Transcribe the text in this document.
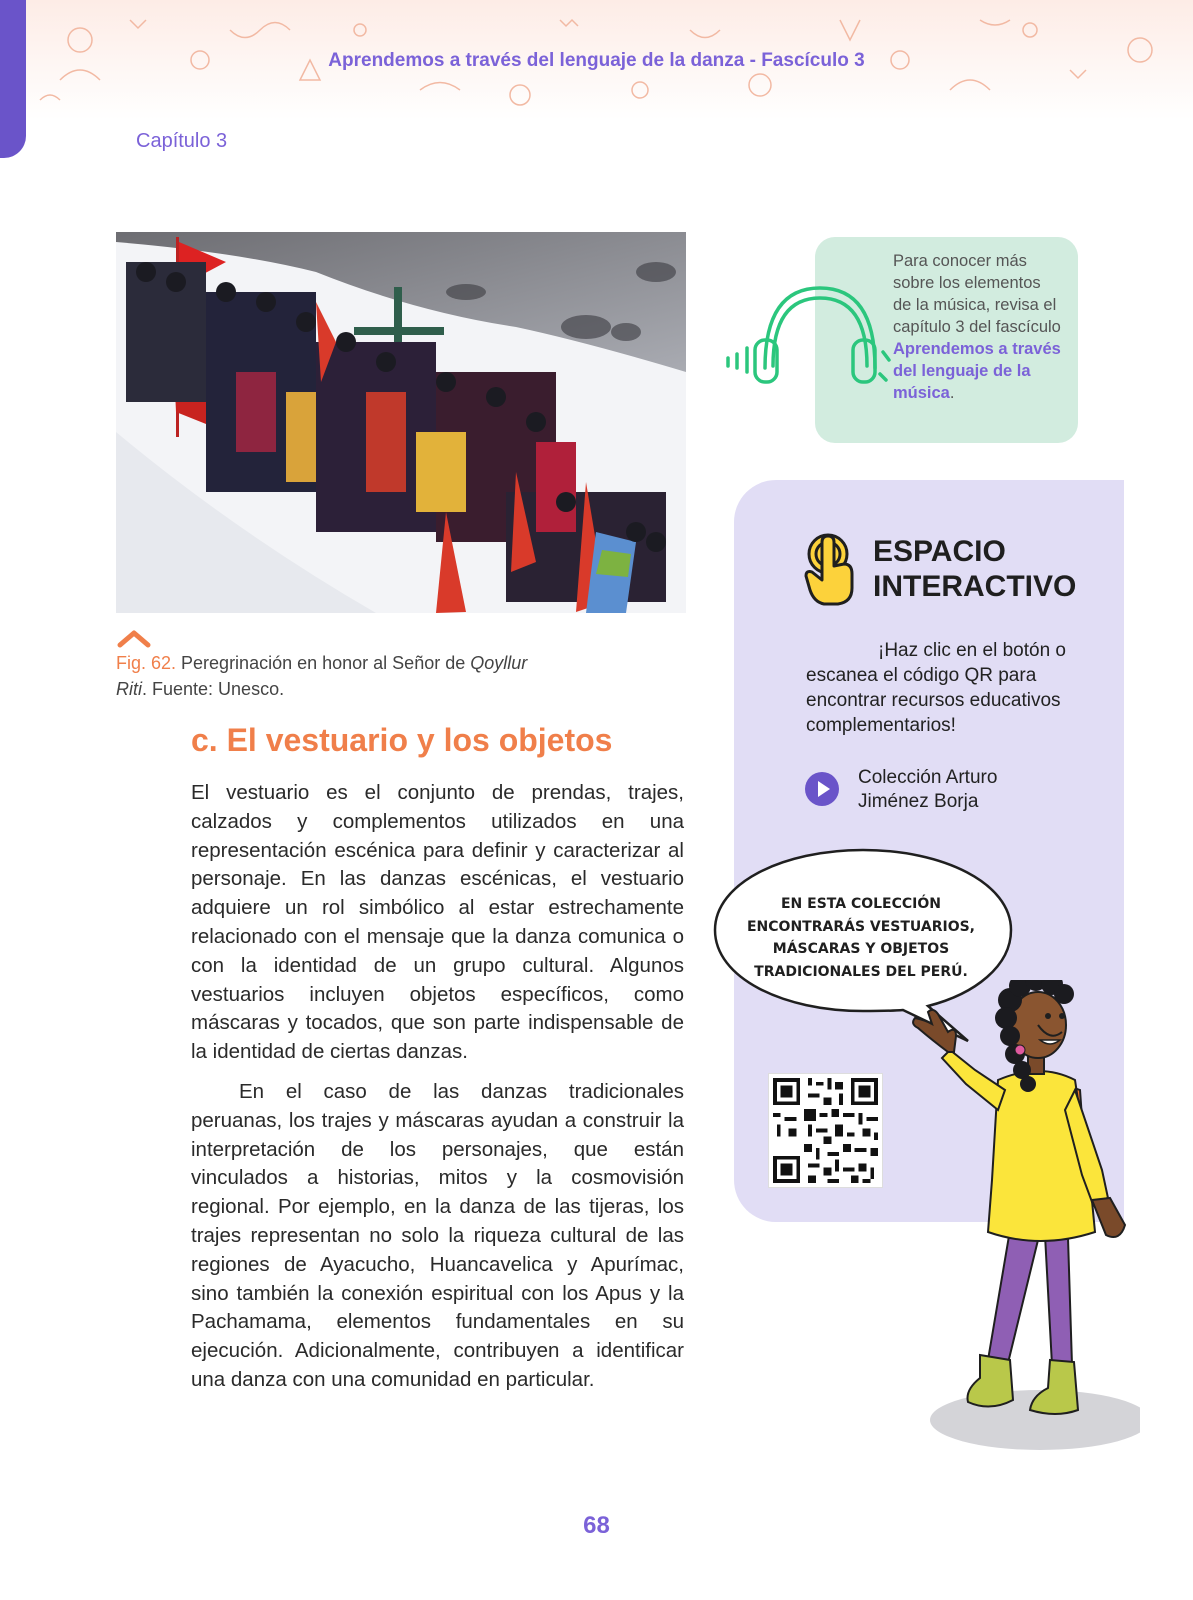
Aprendemos a través del lenguaje de la danza - Fascículo 3
Capítulo 3
Fig. 62. Peregrinación en honor al Señor de Qoyllur Riti. Fuente: Unesco.
c. El vestuario y los objetos

El vestuario es el conjunto de prendas, trajes, calzados y complementos utilizados en una representación escénica para definir y caracterizar al personaje. En las danzas escénicas, el vestuario adquiere un rol simbólico al estar estrechamente relacionado con el mensaje que la danza comunica o con la identidad de un grupo cultural. Algunos vestuarios incluyen objetos específicos, como máscaras y tocados, que son parte indispensable de la identidad de ciertas danzas.

En el caso de las danzas tradicionales peruanas, los trajes y máscaras ayudan a construir la interpretación de los personajes, que están vinculados a historias, mitos y la cosmovisión regional. Por ejemplo, en la danza de las tijeras, los trajes representan no solo la riqueza cultural de las regiones de Ayacucho, Huancavelica y Apurímac, sino también la conexión espiritual con los Apus y la Pachamama, elementos fundamentales en su ejecución. Adicionalmente, contribuyen a identificar una danza con una comunidad en particular.

Para conocer más sobre los elementos de la música, revisa el capítulo 3 del fascículo Aprendemos a través del lenguaje de la música.
ESPACIO INTERACTIVO
¡Haz clic en el botón o escanea el código QR para encontrar recursos educativos complementarios!
Colección Arturo Jiménez Borja
EN ESTA COLECCIÓN ENCONTRARÁS VESTUARIOS, MÁSCARAS Y OBJETOS TRADICIONALES DEL PERÚ.
68
